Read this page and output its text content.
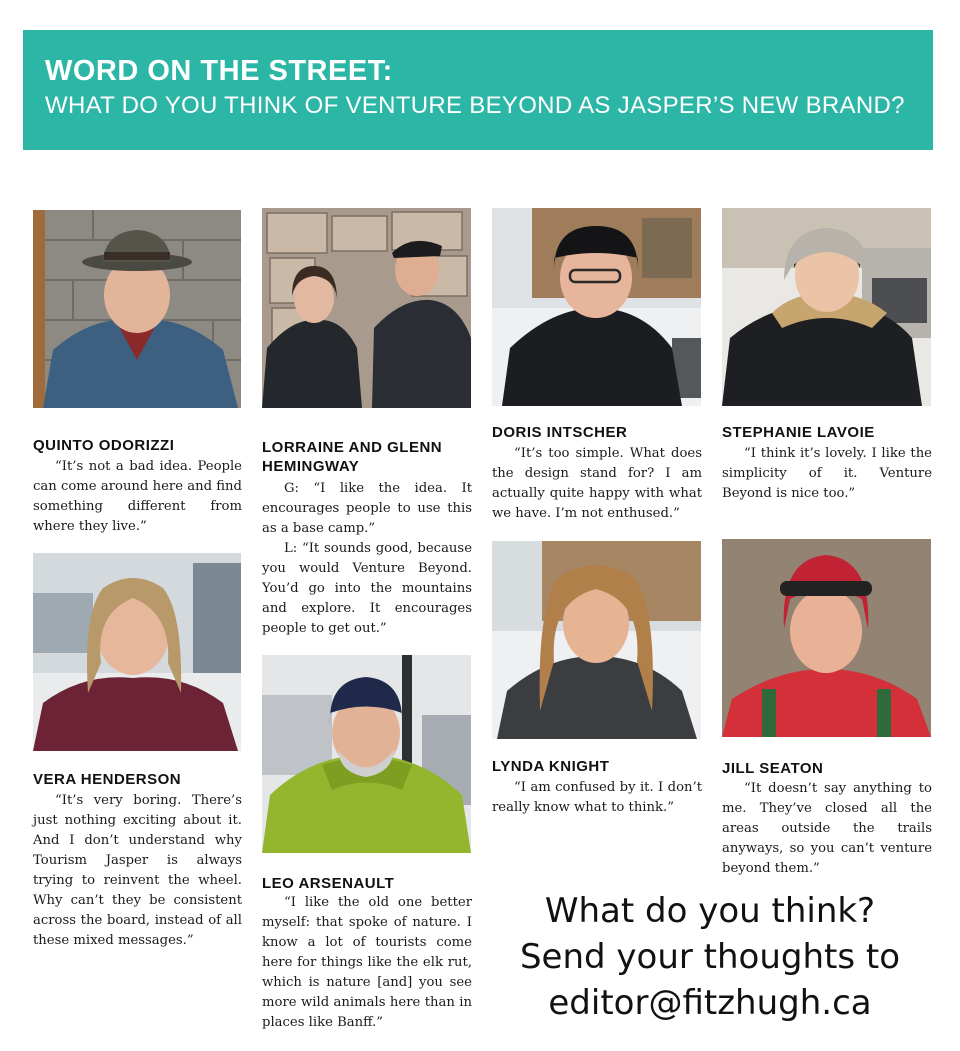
WORD ON THE STREET:
WHAT DO YOU THINK OF VENTURE BEYOND AS JASPER’S NEW BRAND?
QUINTO ODORIZZI
“It’s not a bad idea. People can come around here and find something different from where they live.”
LORRAINE AND GLENN HEMINGWAY

G: “I like the idea. It encourages people to use this as a base camp.”

L: “It sounds good, because you would Venture Beyond. You’d go into the mountains and explore. It encourages people to get out.”

DORIS INTSCHER
“It’s too simple. What does the design stand for? I am actually quite happy with what we have. I’m not enthused.”
STEPHANIE LAVOIE
“I think it’s lovely. I like the simplicity of it. Venture Beyond is nice too.”
VERA HENDERSON
“It’s very boring. There’s just nothing exciting about it. And I don’t understand why Tourism Jasper is always trying to reinvent the wheel. Why can’t they be consistent across the board, instead of all these mixed messages.”
LEO ARSENAULT
“I like the old one better myself: that spoke of nature. I know a lot of tourists come here for things like the elk rut, which is nature [and] you see more wild animals here than in places like Banff.”
LYNDA KNIGHT
“I am confused by it. I don’t really know what to think.”
JILL SEATON
“It doesn’t say anything to me. They’ve closed all the areas outside the trails anyways, so you can’t venture beyond them.”
What do you think?
Send your thoughts to
editor@fitzhugh.ca
